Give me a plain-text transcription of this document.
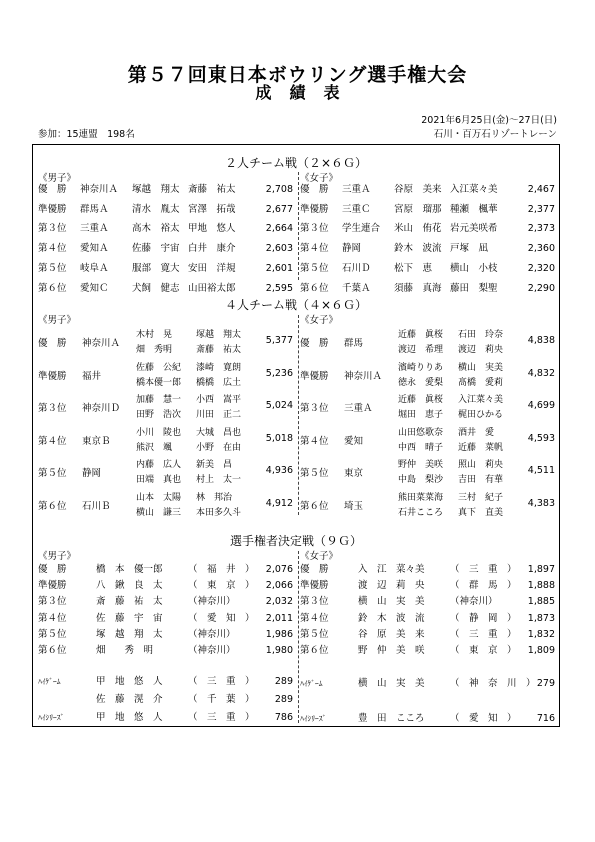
第５７回東日本ボウリング選手権大会
成績表
2021年6月25日(金)～27日(日)
参加：15連盟　198名	石川・百万石リゾートレーン
２人チーム戦（２×６Ｇ）
《男子》	《女子》
優　勝 神奈川Ａ 塚越　翔太 斎藤　祐太	2,708
準優勝 群馬Ａ 清水　胤太 宮澤　拓哉	2,677
第３位 三重Ａ 高木　裕太 甲地　悠人	2,664
第４位 愛知Ａ 佐藤　宇宙 白井　康介	2,603
第５位 岐阜Ａ 服部　寛大 安田　洋規	2,601
第６位 愛知Ｃ 犬飼　健志 山田裕太郎	2,595
優　勝 三重Ａ 谷原　美来 入江菜々美	2,467
準優勝 三重Ｃ 宮原　瑠那 種瀬　楓華	2,377
第３位 学生連合 米山　侑花 岩元美咲希	2,373
第４位 静岡	鈴木　波流 戸塚　凪	2,360
第５位 石川Ｄ 松下　恵 横山　小枝	2,320
第６位 千葉Ａ 須藤　真海 藤田　梨聖	2,290
４人チーム戦（４×６Ｇ）
《男子》	《女子》
優　勝 神奈川Ａ
木村　晃	塚越　翔太
畑　秀明	斎藤　祐太
5,377
準優勝 福井
佐藤　公紀 漆崎　寛朗
橋本優一郎 橋橋　広土
5,236
第３位 神奈川Ｄ
加藤　慧一 小西　嵩平
田野　浩次 川田　正二
5,024
第４位 東京Ｂ
小川　陵也 大城　昌也
熊沢　颯	小野　在由
5,018
第５位 静岡
内藤　広人 新美　昌
田端　真也 村上　太一
4,936
第６位 石川Ｂ
山本　太陽 林　邦治
横山　謙三 本田多久斗
4,912
優　勝 群馬
近藤　眞桜 石田　玲奈
渡辺　希理 渡辺　莉央
4,838
準優勝 神奈川Ａ
濱崎りりあ 横山　実美
徳永　愛梨 髙橋　愛莉
4,832
第３位 三重Ａ
近藤　眞桜 入江菜々美
堀田　恵子 梶田ひかる
4,699
第４位 愛知
山田悠歌奈 酒井　愛
中西　晴子 近藤　菜帆
4,593
第５位 東京
野仲　美咲 照山　莉央
中島　梨沙 吉田　有華
4,511
第６位 埼玉
熊田菜菜海 三村　紀子
石井こころ 真下　直美
4,383
選手権者決定戦（９Ｇ）
《男子》	《女子》
優　勝	橋　本　優一郎	（　福　井　） 2,076
準優勝	八　鍬　良　太	（　東　京　） 2,066
第３位	斎　藤　祐　太	（神奈川）	2,032
第４位	佐　藤　宇　宙	（　愛　知　） 2,011
第５位	塚　越　翔　太	（神奈川）	1,986
第６位	畑　　秀　明	（神奈川）	1,980
優　勝	入　江　菜々美	（　三　重　） 1,897
準優勝	渡　辺　莉　央	（　群　馬　） 1,888
第３位	横　山　実　美	（神奈川）	1,885
第４位	鈴　木　波　流	（　静　岡　） 1,873
第５位	谷　原　美　来	（　三　重　） 1,832
第６位	野　仲　美　咲	（　東　京　） 1,809
ﾊｲｹﾞｰﾑ	甲　地　悠　人	（　三　重　） 289
佐　藤　滉　介	（　千　葉　） 289
ﾊｲｼﾘｰｽﾞ	甲　地　悠　人	（　三　重　） 786
ﾊｲｹﾞｰﾑ	横　山　実　美	（　神　奈　川　） 279
ﾊｲｼﾘｰｽﾞ	豊　田　こころ	（　愛　知　） 716
